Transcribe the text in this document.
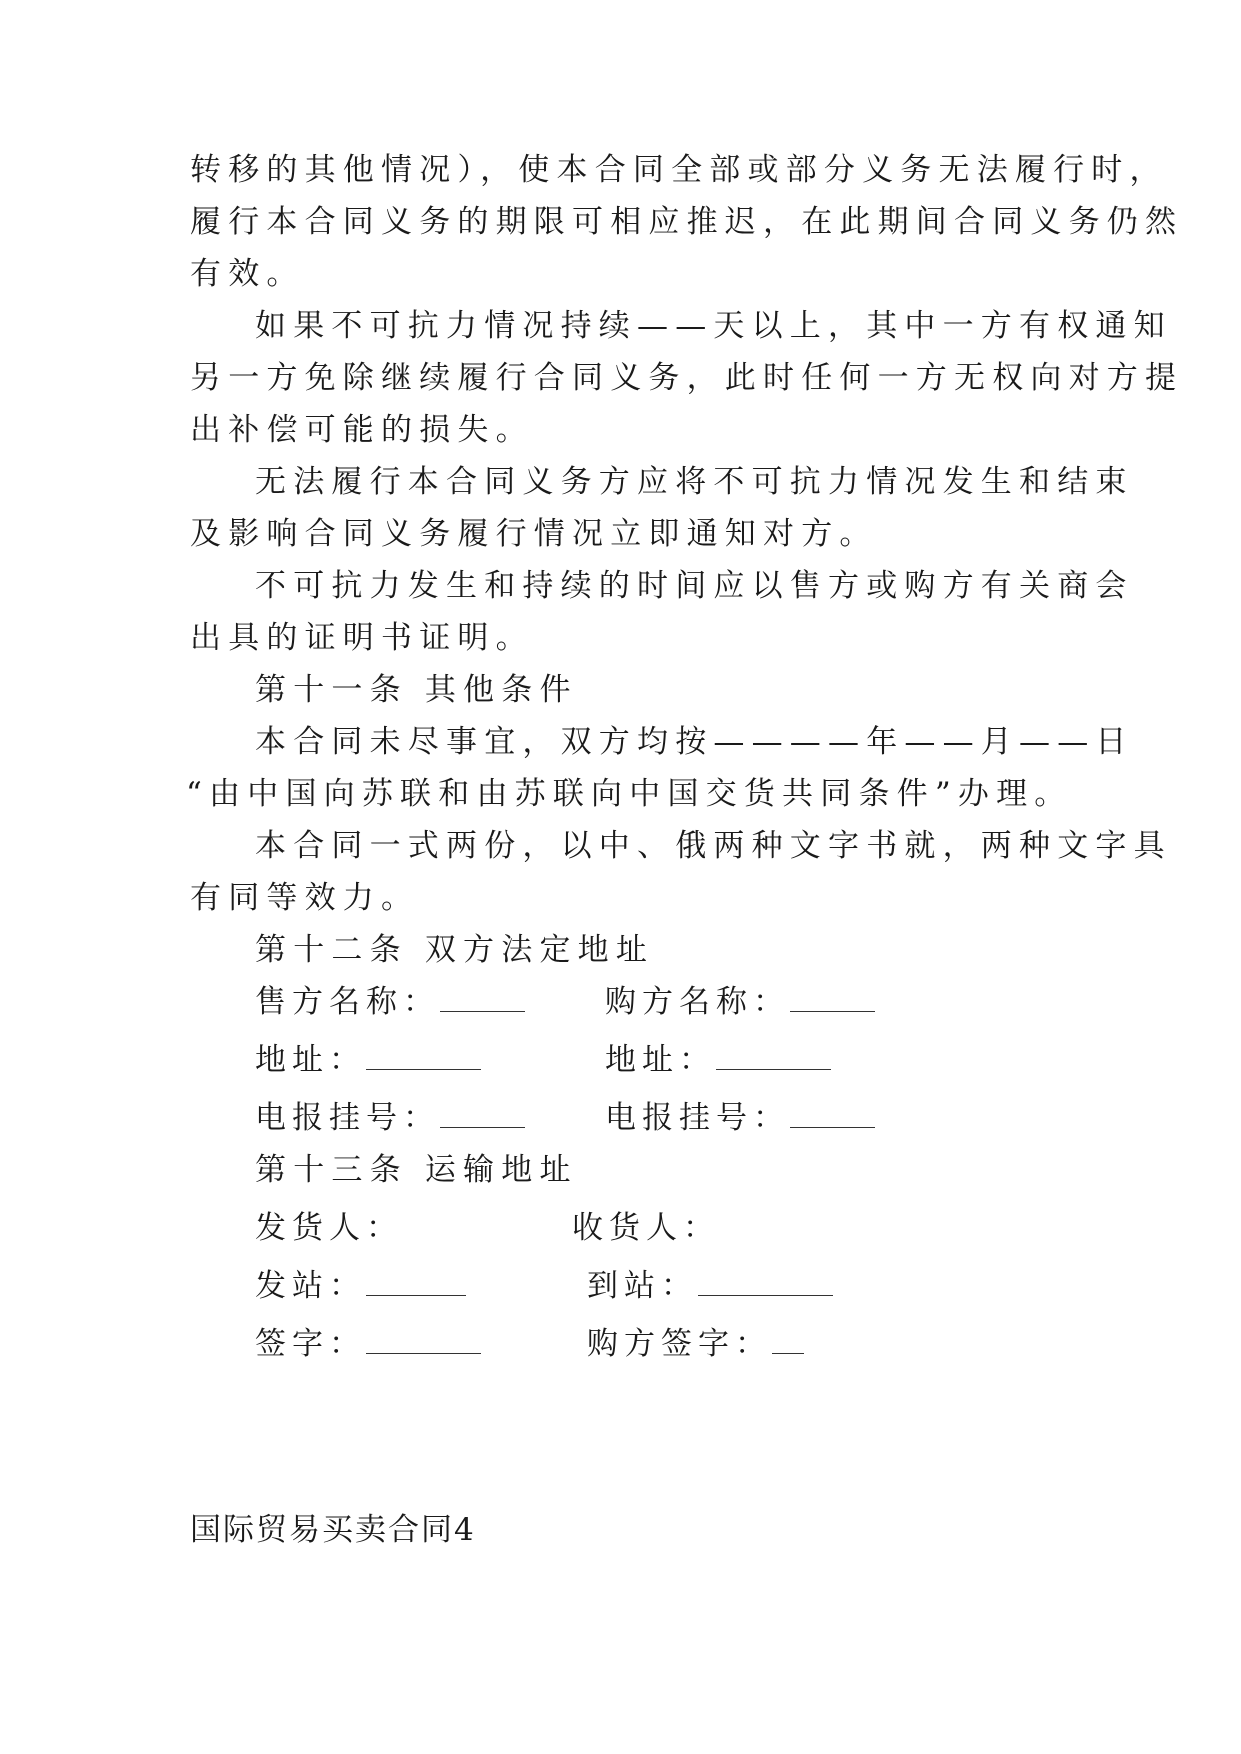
转移的其他情况），使本合同全部或部分义务无法履行时，
履行本合同义务的期限可相应推迟，在此期间合同义务仍然
有效。
如果不可抗力情况持续——天以上，其中一方有权通知
另一方免除继续履行合同义务，此时任何一方无权向对方提
出补偿可能的损失。
无法履行本合同义务方应将不可抗力情况发生和结束
及影响合同义务履行情况立即通知对方。
不可抗力发生和持续的时间应以售方或购方有关商会
出具的证明书证明。
第十一条 其他条件
本合同未尽事宜，双方均按————年——月——日
“由中国向苏联和由苏联向中国交货共同条件”办理。
本合同一式两份，以中、俄两种文字书就，两种文字具
有同等效力。
第十二条 双方法定地址
售方名称：	购方名称：
地址：	地址：
电报挂号：	电报挂号：
第十三条 运输地址
发货人：	收货人：
发站：	到站：
签字：	购方签字：
国际贸易买卖合同4
